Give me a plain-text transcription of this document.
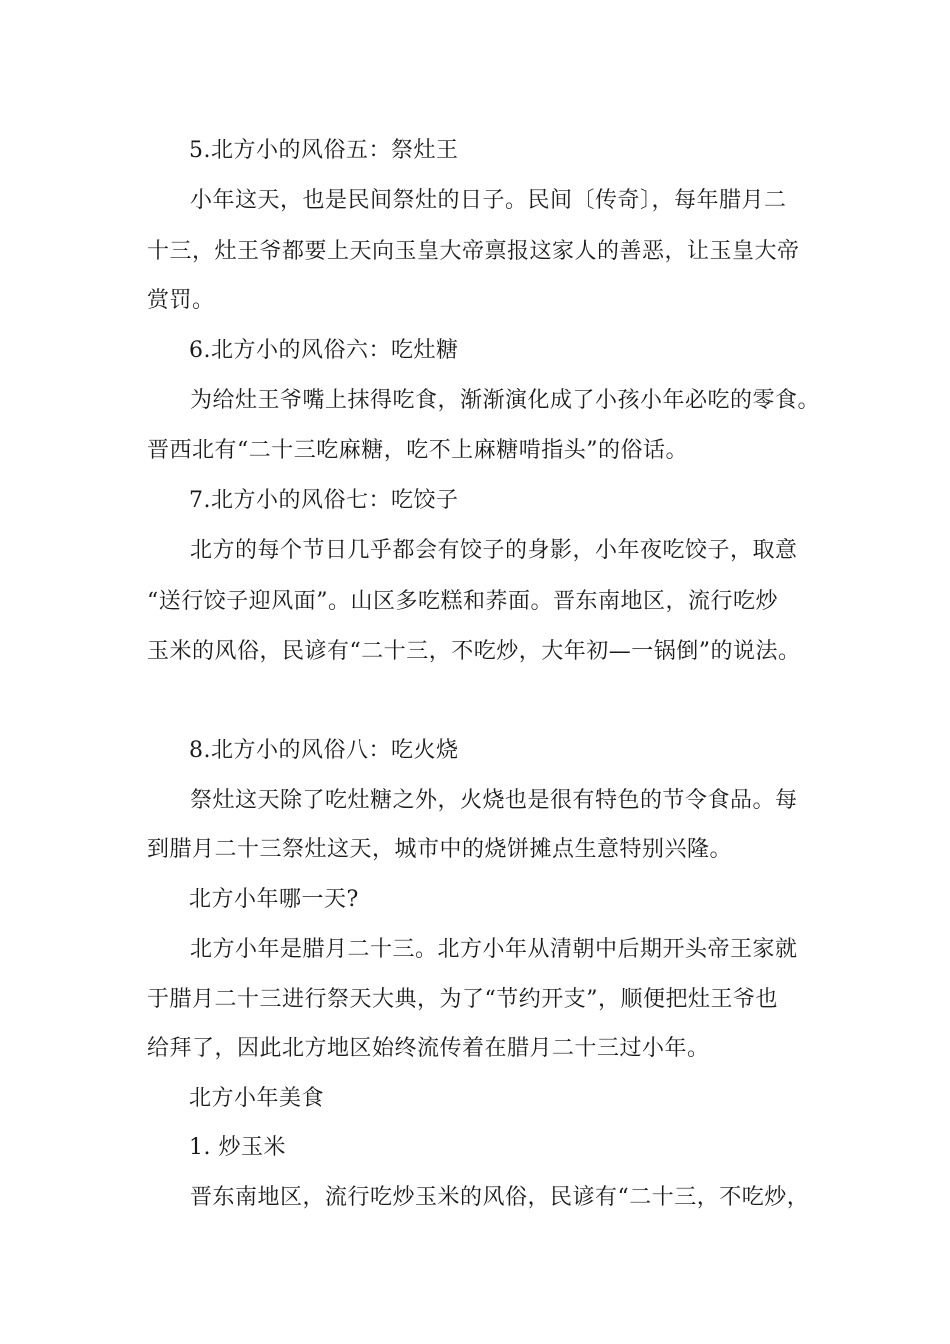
5.北方小的风俗五：祭灶王
小年这天，也是民间祭灶的日子。民间〔传奇〕，每年腊月二
十三，灶王爷都要上天向玉皇大帝禀报这家人的善恶，让玉皇大帝
赏罚。
6.北方小的风俗六：吃灶糖
为给灶王爷嘴上抹得吃食，渐渐演化成了小孩小年必吃的零食。
晋西北有“二十三吃麻糖，吃不上麻糖啃指头”的俗话。
7.北方小的风俗七：吃饺子
北方的每个节日几乎都会有饺子的身影，小年夜吃饺子，取意
“送行饺子迎风面”。山区多吃糕和荞面。晋东南地区，流行吃炒
玉米的风俗，民谚有“二十三，不吃炒，大年初—一锅倒”的说法。
8.北方小的风俗八：吃火烧
祭灶这天除了吃灶糖之外，火烧也是很有特色的节令食品。每
到腊月二十三祭灶这天，城市中的烧饼摊点生意特别兴隆。
北方小年哪一天?
北方小年是腊月二十三。北方小年从清朝中后期开头帝王家就
于腊月二十三进行祭天大典，为了“节约开支”，顺便把灶王爷也
给拜了，因此北方地区始终流传着在腊月二十三过小年。
北方小年美食
1. 炒玉米
晋东南地区，流行吃炒玉米的风俗，民谚有“二十三，不吃炒，
